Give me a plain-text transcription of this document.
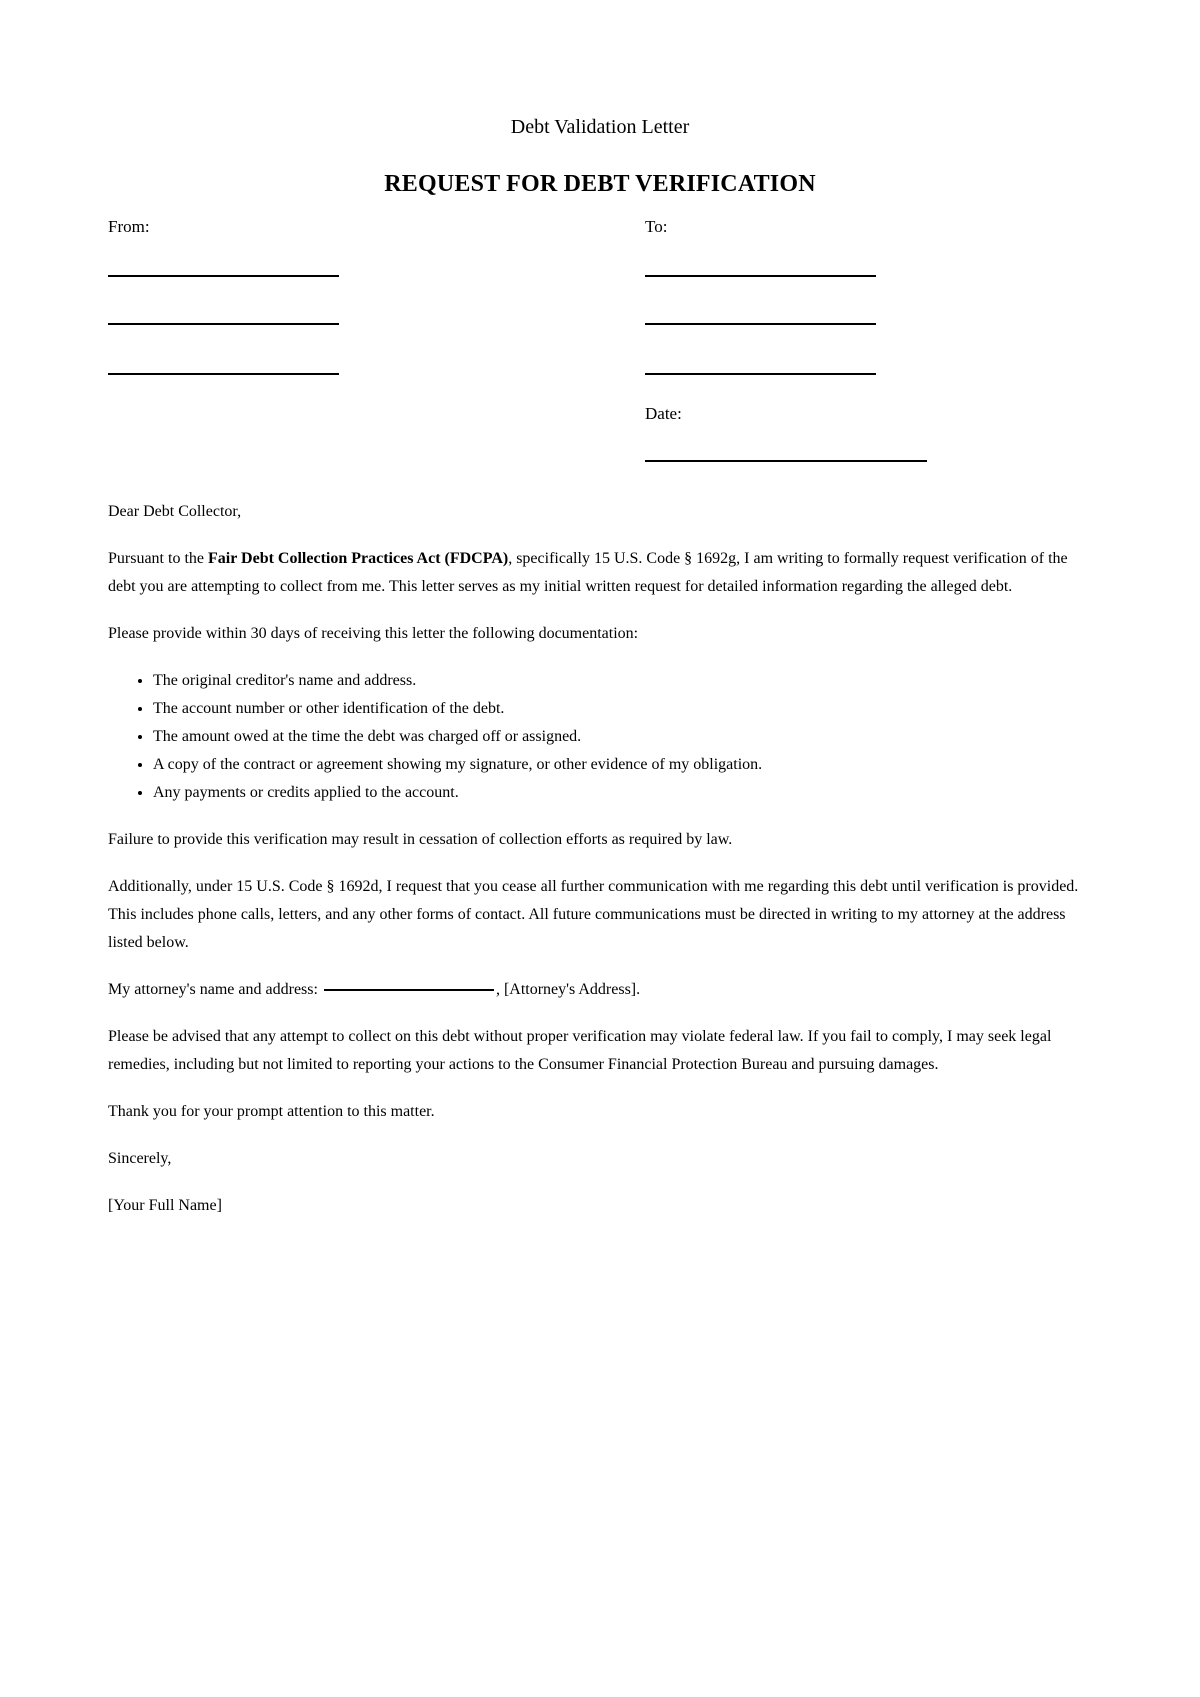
Debt Validation Letter
REQUEST FOR DEBT VERIFICATION
From:	To:
Date:

Dear Debt Collector,

Pursuant to the Fair Debt Collection Practices Act (FDCPA), specifically 15 U.S. Code § 1692g, I am writing to formally request verification of the debt you are attempting to collect from me. This letter serves as my initial written request for detailed information regarding the alleged debt.

Please provide within 30 days of receiving this letter the following documentation:

• The original creditor's name and address.
• The account number or other identification of the debt.
• The amount owed at the time the debt was charged off or assigned.
• A copy of the contract or agreement showing my signature, or other evidence of my obligation.
• Any payments or credits applied to the account.

Failure to provide this verification may result in cessation of collection efforts as required by law.

Additionally, under 15 U.S. Code § 1692d, I request that you cease all further communication with me regarding this debt until verification is provided. This includes phone calls, letters, and any other forms of contact. All future communications must be directed in writing to my attorney at the address listed below.

My attorney's name and address:	, [Attorney's Address].

Please be advised that any attempt to collect on this debt without proper verification may violate federal law. If you fail to comply, I may seek legal remedies, including but not limited to reporting your actions to the Consumer Financial Protection Bureau and pursuing damages.

Thank you for your prompt attention to this matter.

Sincerely,

[Your Full Name]
